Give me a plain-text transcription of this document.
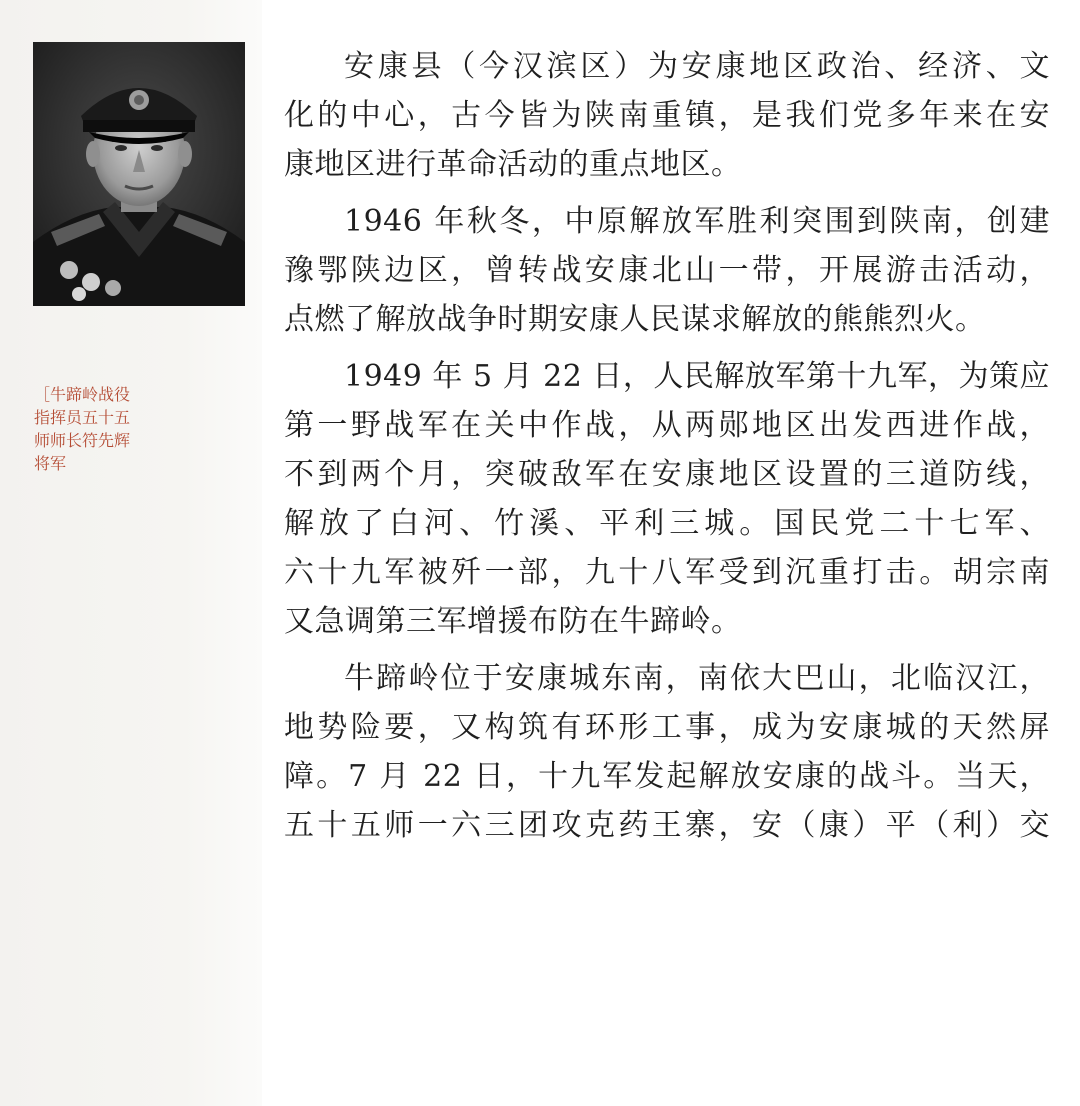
［牛蹄岭战役
指挥员五十五
师师长符先辉
将军

安康县（今汉滨区）为安康地区政治、经济、文
化的中心，古今皆为陕南重镇，是我们党多年来在安
康地区进行革命活动的重点地区。

1946 年秋冬，中原解放军胜利突围到陕南，创建
豫鄂陕边区，曾转战安康北山一带，开展游击活动，
点燃了解放战争时期安康人民谋求解放的熊熊烈火。

1949 年 5 月 22 日，人民解放军第十九军，为策应
第一野战军在关中作战，从两郧地区出发西进作战，
不到两个月，突破敌军在安康地区设置的三道防线，
解放了白河、竹溪、平利三城。国民党二十七军、
六十九军被歼一部，九十八军受到沉重打击。胡宗南
又急调第三军增援布防在牛蹄岭。

牛蹄岭位于安康城东南，南依大巴山，北临汉江，
地势险要，又构筑有环形工事，成为安康城的天然屏
障。7 月 22 日，十九军发起解放安康的战斗。当天，
五十五师一六三团攻克药王寨，安（康）平（利）交
